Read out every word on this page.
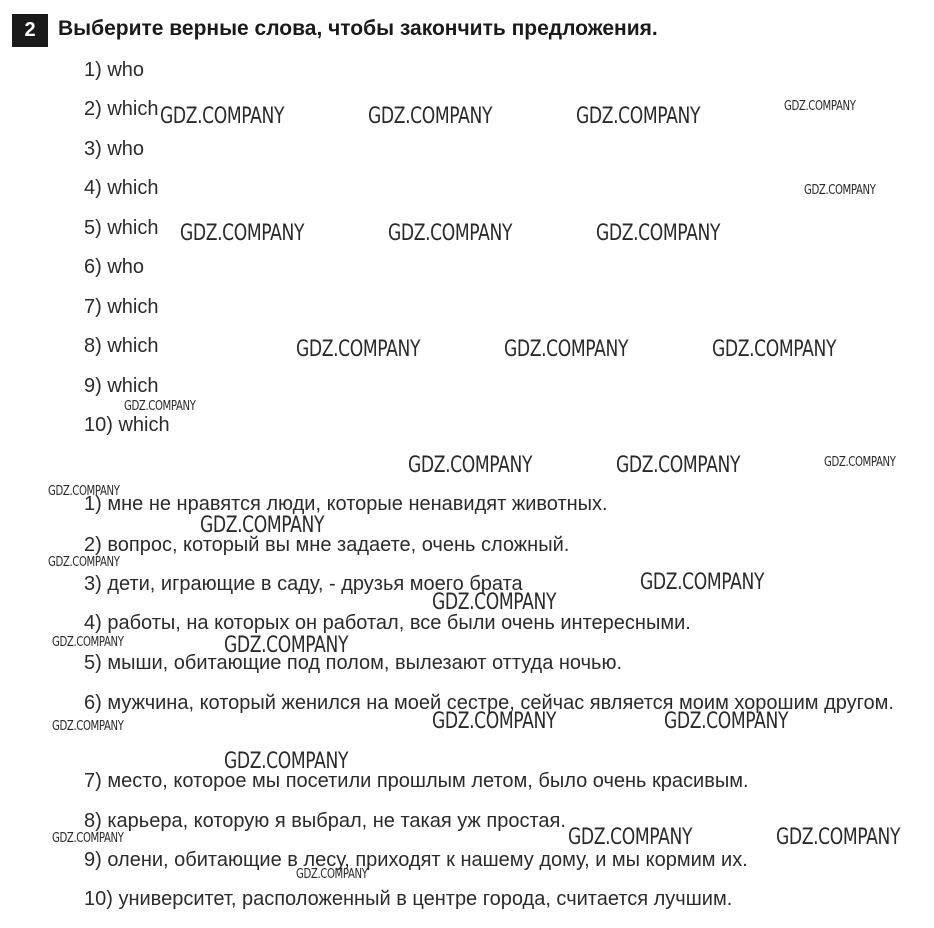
2	Выберите верные слова, чтобы закончить предложения.
1) who
2) which
3) who
4) which
5) which
6) who
7) which
8) which
9) which
10) which
1) мне не нравятся люди, которые ненавидят животных.
2) вопрос, который вы мне задаете, очень сложный.
3) дети, играющие в саду, - друзья моего брата
4) работы, на которых он работал, все были очень интересными.
5) мыши, обитающие под полом, вылезают оттуда ночью.
6) мужчина, который женился на моей сестре, сейчас является моим хорошим другом.
7) место, которое мы посетили прошлым летом, было очень красивым.
8) карьера, которую я выбрал, не такая уж простая.
9) олени, обитающие в лесу, приходят к нашему дому, и мы кормим их.
10) университет, расположенный в центре города, считается лучшим.
GDZ.COMPANY	GDZ.COMPANY	GDZ.COMPANY	GDZ.COMPANY
GDZ.COMPANY
GDZ.COMPANY	GDZ.COMPANY	GDZ.COMPANY
GDZ.COMPANY	GDZ.COMPANY	GDZ.COMPANY
GDZ.COMPANY
GDZ.COMPANY	GDZ.COMPANY	GDZ.COMPANY
GDZ.COMPANY
GDZ.COMPANY
GDZ.COMPANY
GDZ.COMPANY
GDZ.COMPANY
GDZ.COMPANY	GDZ.COMPANY
GDZ.COMPANY	GDZ.COMPANY
GDZ.COMPANY
GDZ.COMPANY
GDZ.COMPANY	GDZ.COMPANY
GDZ.COMPANY
GDZ.COMPANY
